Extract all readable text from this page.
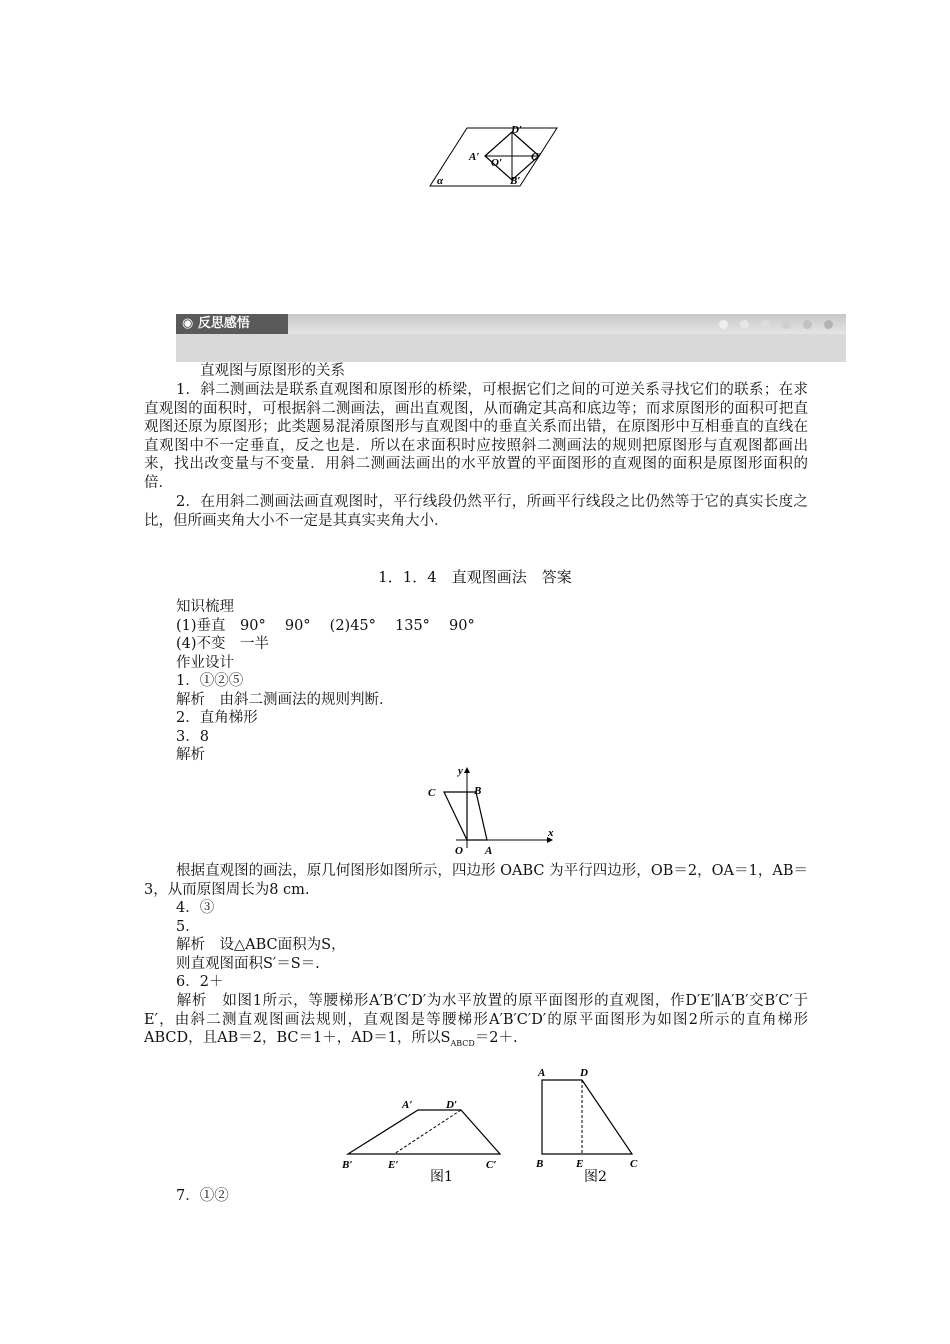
D′
A′ O′	C′
B′
α
◉ 反思感悟
直观图与原图形的关系
1．斜二测画法是联系直观图和原图形的桥梁，可根据它们之间的可逆关系寻找它们的联系；在求直观图的面积时，可根据斜二测画法，画出直观图，从而确定其高和底边等；而求原图形的面积可把直观图还原为原图形；此类题易混淆原图形与直观图中的垂直关系而出错，在原图形中互相垂直的直线在直观图中不一定垂直，反之也是．所以在求面积时应按照斜二测画法的规则把原图形与直观图都画出来，找出改变量与不变量．用斜二测画法画出的水平放置的平面图形的直观图的面积是原图形面积的倍．
2．在用斜二测画法画直观图时，平行线段仍然平行，所画平行线段之比仍然等于它的真实长度之比，但所画夹角大小不一定是其真实夹角大小．
1．1．4　直观图画法　答案
知识梳理
(1)垂直　90°　 90°　 (2)45°　 135°　 90°
(4)不变　一半
作业设计
1．①②⑤
解析　由斜二测画法的规则判断．
2．直角梯形
3．8
解析
y
x
C	B
O A
根据直观图的画法，原几何图形如图所示，四边形 OABC 为平行四边形，OB＝2，OA＝1，AB＝3，从而原图周长为8 cm.
4．③
5．
解析　设△ABC面积为S，
则直观图面积S′＝S＝.
6．2＋
解析　如图1所示，等腰梯形A′B′C′D′为水平放置的原平面图形的直观图，作D′E′∥A′B′交B′C′于E′，由斜二测直观图画法规则，直观图是等腰梯形A′B′C′D′的原平面图形为如图2所示的直角梯形ABCD，且AB＝2，BC＝1＋，AD＝1，所以$S_{ABCD}=2+$.
A′	D′
B′	E′	C′
图1
A	D
B	E	C
图2
7．①②
